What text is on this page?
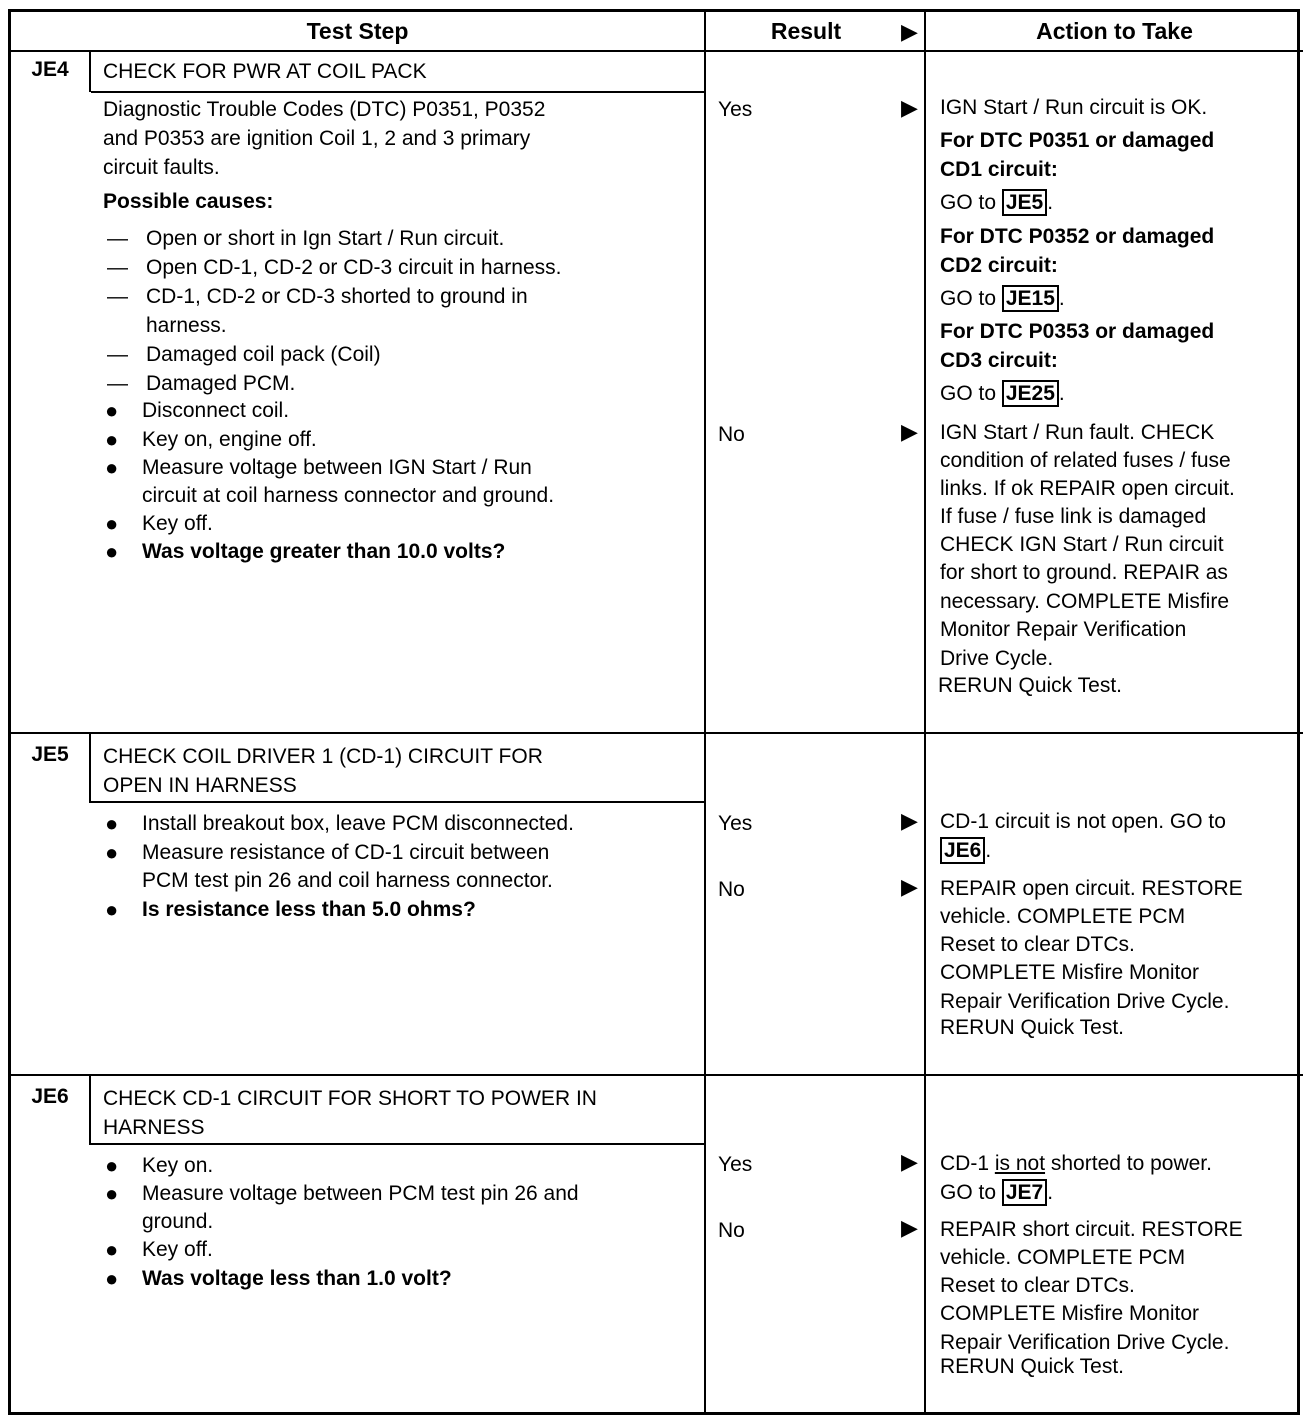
Test Step	Result	▶	Action to Take
JE4	CHECK FOR PWR AT COIL PACK
Diagnostic Trouble Codes (DTC) P0351, P0352
and P0353 are ignition Coil 1, 2 and 3 primary
circuit faults.
Possible causes:
— Open or short in Ign Start / Run circuit.
— Open CD-1, CD-2 or CD-3 circuit in harness.
— CD-1, CD-2 or CD-3 shorted to ground in
harness.
— Damaged coil pack (Coil)
— Damaged PCM.
● Disconnect coil.
● Key on, engine off.
● Measure voltage between IGN Start / Run
circuit at coil harness connector and ground.
● Key off.
● Was voltage greater than 10.0 volts?
Yes	▶ IGN Start / Run circuit is OK.
For DTC P0351 or damaged
CD1 circuit:
GO to JE5 .
For DTC P0352 or damaged
CD2 circuit:
GO to JE15 .
For DTC P0353 or damaged
CD3 circuit:
GO to JE25 .
No	▶ IGN Start / Run fault. CHECK
condition of related fuses / fuse
links. If ok REPAIR open circuit.
If fuse / fuse link is damaged
CHECK IGN Start / Run circuit
for short to ground. REPAIR as
necessary. COMPLETE Misfire
Monitor Repair Verification
Drive Cycle.
RERUN Quick Test.
JE5	CHECK COIL DRIVER 1 (CD-1) CIRCUIT FOR
OPEN IN HARNESS
● Install breakout box, leave PCM disconnected.
● Measure resistance of CD-1 circuit between
PCM test pin 26 and coil harness connector.
● Is resistance less than 5.0 ohms?
Yes	▶ CD-1 circuit is not open. GO to
JE6 .
No	▶ REPAIR open circuit. RESTORE
vehicle. COMPLETE PCM
Reset to clear DTCs.
COMPLETE Misfire Monitor
Repair Verification Drive Cycle.
RERUN Quick Test.
JE6	CHECK CD-1 CIRCUIT FOR SHORT TO POWER IN
HARNESS
● Key on.
● Measure voltage between PCM test pin 26 and
ground.
● Key off.
● Was voltage less than 1.0 volt?
Yes	▶ CD-1 is not shorted to power.
GO to JE7 .
No	▶ REPAIR short circuit. RESTORE
vehicle. COMPLETE PCM
Reset to clear DTCs.
COMPLETE Misfire Monitor
Repair Verification Drive Cycle.
RERUN Quick Test.
